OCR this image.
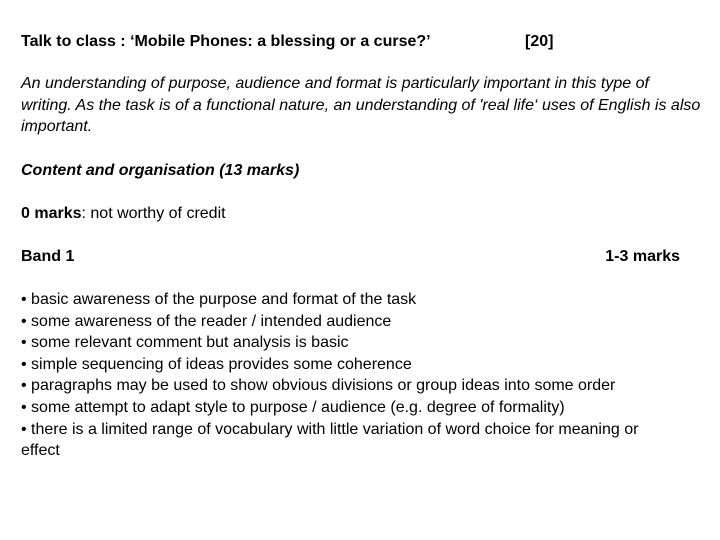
Talk to class : ‘Mobile Phones: a blessing or a curse?’	[20]
An understanding of purpose, audience and format is particularly important in this type of writing. As the task is of a functional nature, an understanding of 'real life‘ uses of English is also important.
Content and organisation (13 marks)
0 marks: not worthy of credit
Band 1	1-3 marks
• basic awareness of the purpose and format of the task
• some awareness of the reader / intended audience
• some relevant comment but analysis is basic
• simple sequencing of ideas provides some coherence
• paragraphs may be used to show obvious divisions or group ideas into some order
• some attempt to adapt style to purpose / audience (e.g. degree of formality)
• there is a limited range of vocabulary with little variation of word choice for meaning or effect
